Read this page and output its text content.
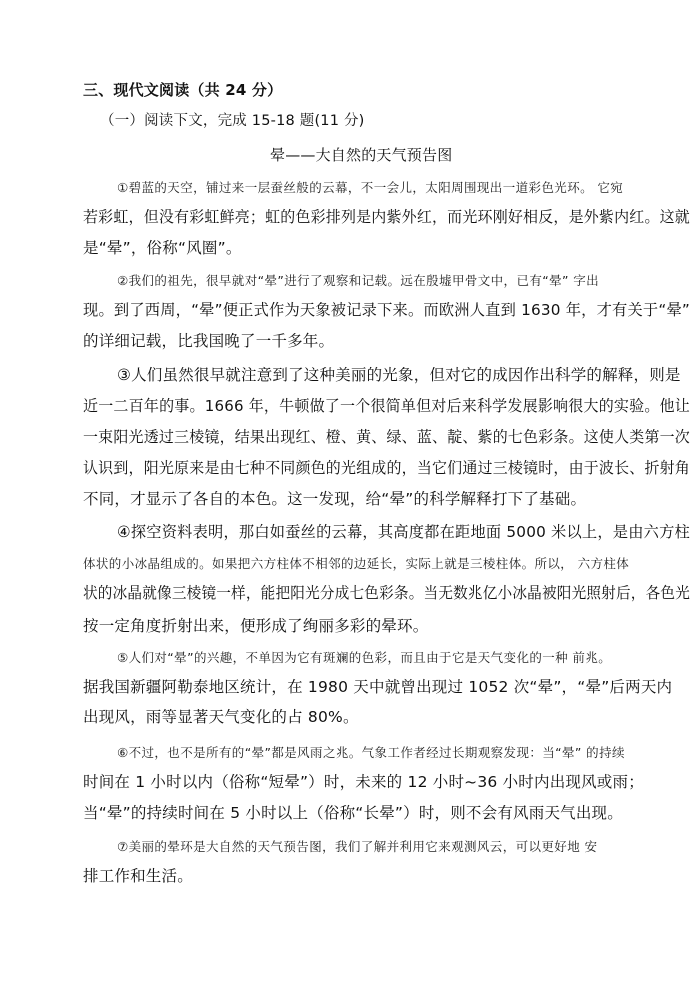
三、现代文阅读（共 24 分）
（一）阅读下文，完成 15-18 题(11 分)
晕——大自然的天气预告图
①碧蓝的天空，铺过来一层蚕丝般的云幕，不一会儿，太阳周围现出一道彩色光环。 它宛
若彩虹，但没有彩虹鲜亮；虹的色彩排列是内紫外红，而光环刚好相反，是外紫内红。这就
是“晕”，俗称“风圈”。
②我们的祖先，很早就对“晕”进行了观察和记载。远在殷墟甲骨文中，已有“晕” 字出
现。到了西周，“晕”便正式作为天象被记录下来。而欧洲人直到 1630 年，才有关于“晕”
的详细记载，比我国晚了一千多年。
③人们虽然很早就注意到了这种美丽的光象，但对它的成因作出科学的解释，则是
近一二百年的事。1666 年，牛顿做了一个很简单但对后来科学发展影响很大的实验。他让
一束阳光透过三棱镜，结果出现红、橙、黄、绿、蓝、靛、紫的七色彩条。这使人类第一次
认识到，阳光原来是由七种不同颜色的光组成的，当它们通过三棱镜时，由于波长、折射角
不同，才显示了各自的本色。这一发现，给“晕”的科学解释打下了基础。
④探空资料表明，那白如蚕丝的云幕，其高度都在距地面 5000 米以上，是由六方柱
体状的小冰晶组成的。如果把六方柱体不相邻的边延长，实际上就是三棱柱体。所以， 六方柱体
状的冰晶就像三棱镜一样，能把阳光分成七色彩条。当无数兆亿小冰晶被阳光照射后，各色光
按一定角度折射出来，便形成了绚丽多彩的晕环。
⑤人们对“晕”的兴趣，不单因为它有斑斓的色彩，而且由于它是天气变化的一种 前兆。
据我国新疆阿勒泰地区统计，在 1980 天中就曾出现过 1052 次“晕”，“晕”后两天内
出现风，雨等显著天气变化的占 80%。
⑥不过，也不是所有的“晕”都是风雨之兆。气象工作者经过长期观察发现：当“晕” 的持续
时间在 1 小时以内（俗称“短晕”）时，未来的 12 小时~36 小时内出现风或雨；
当“晕”的持续时间在 5 小时以上（俗称“长晕”）时，则不会有风雨天气出现。
⑦美丽的晕环是大自然的天气预告图，我们了解并利用它来观测风云，可以更好地 安
排工作和生活。
